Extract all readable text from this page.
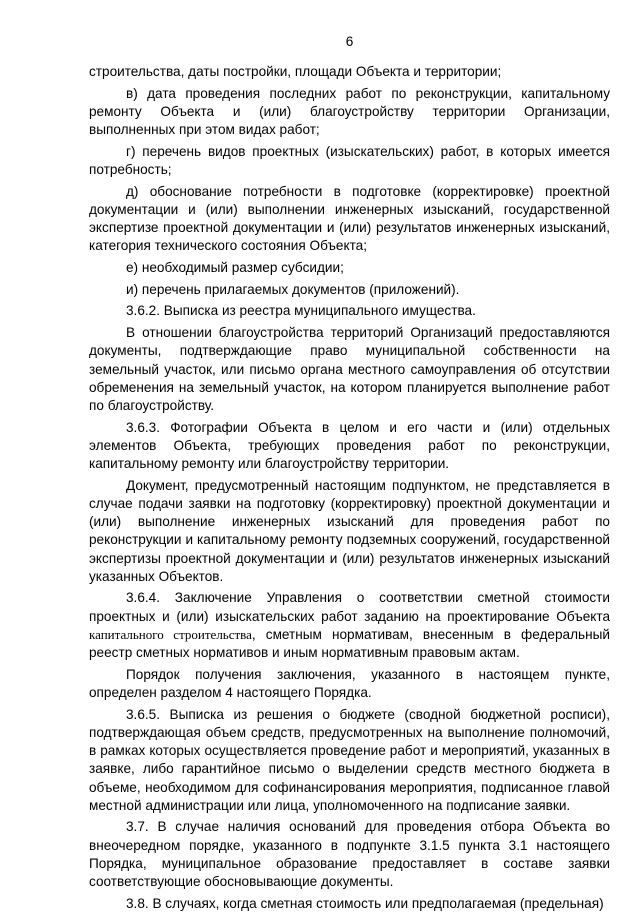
6

строительства, даты постройки, площади Объекта и территории;

в) дата проведения последних работ по реконструкции, капитальному ремонту Объекта и (или) благоустройству территории Организации, выполненных при этом видах работ;

г) перечень видов проектных (изыскательских) работ, в которых имеется потребность;

д) обоснование потребности в подготовке (корректировке) проектной документации и (или) выполнении инженерных изысканий, государственной экспертизе проектной документации и (или) результатов инженерных изысканий, категория технического состояния Объекта;

е) необходимый размер субсидии;

и) перечень прилагаемых документов (приложений).

3.6.2. Выписка из реестра муниципального имущества.

В отношении благоустройства территорий Организаций предоставляются документы, подтверждающие право муниципальной собственности на земельный участок, или письмо органа местного самоуправления об отсутствии обременения на земельный участок, на котором планируется выполнение работ по благоустройству.

3.6.3. Фотографии Объекта в целом и его части и (или) отдельных элементов Объекта, требующих проведения работ по реконструкции, капитальному ремонту или благоустройству территории.

Документ, предусмотренный настоящим подпунктом, не представляется в случае подачи заявки на подготовку (корректировку) проектной документации и (или) выполнение инженерных изысканий для проведения работ по реконструкции и капитальному ремонту подземных сооружений, государственной экспертизы проектной документации и (или) результатов инженерных изысканий указанных Объектов.

3.6.4. Заключение Управления о соответствии сметной стоимости проектных и (или) изыскательских работ заданию на проектирование Объекта капитального строительства, сметным нормативам, внесенным в федеральный реестр сметных нормативов и иным нормативным правовым актам.

Порядок получения заключения, указанного в настоящем пункте, определен разделом 4 настоящего Порядка.

3.6.5. Выписка из решения о бюджете (сводной бюджетной росписи), подтверждающая объем средств, предусмотренных на выполнение полномочий, в рамках которых осуществляется проведение работ и мероприятий, указанных в заявке, либо гарантийное письмо о выделении средств местного бюджета в объеме, необходимом для софинансирования мероприятия, подписанное главой местной администрации или лица, уполномоченного на подписание заявки.

3.7. В случае наличия оснований для проведения отбора Объекта во внеочередном порядке, указанного в подпункте 3.1.5 пункта 3.1 настоящего Порядка, муниципальное образование предоставляет в составе заявки соответствующие обосновывающие документы.

3.8. В случаях, когда сметная стоимость или предполагаемая (предельная)
